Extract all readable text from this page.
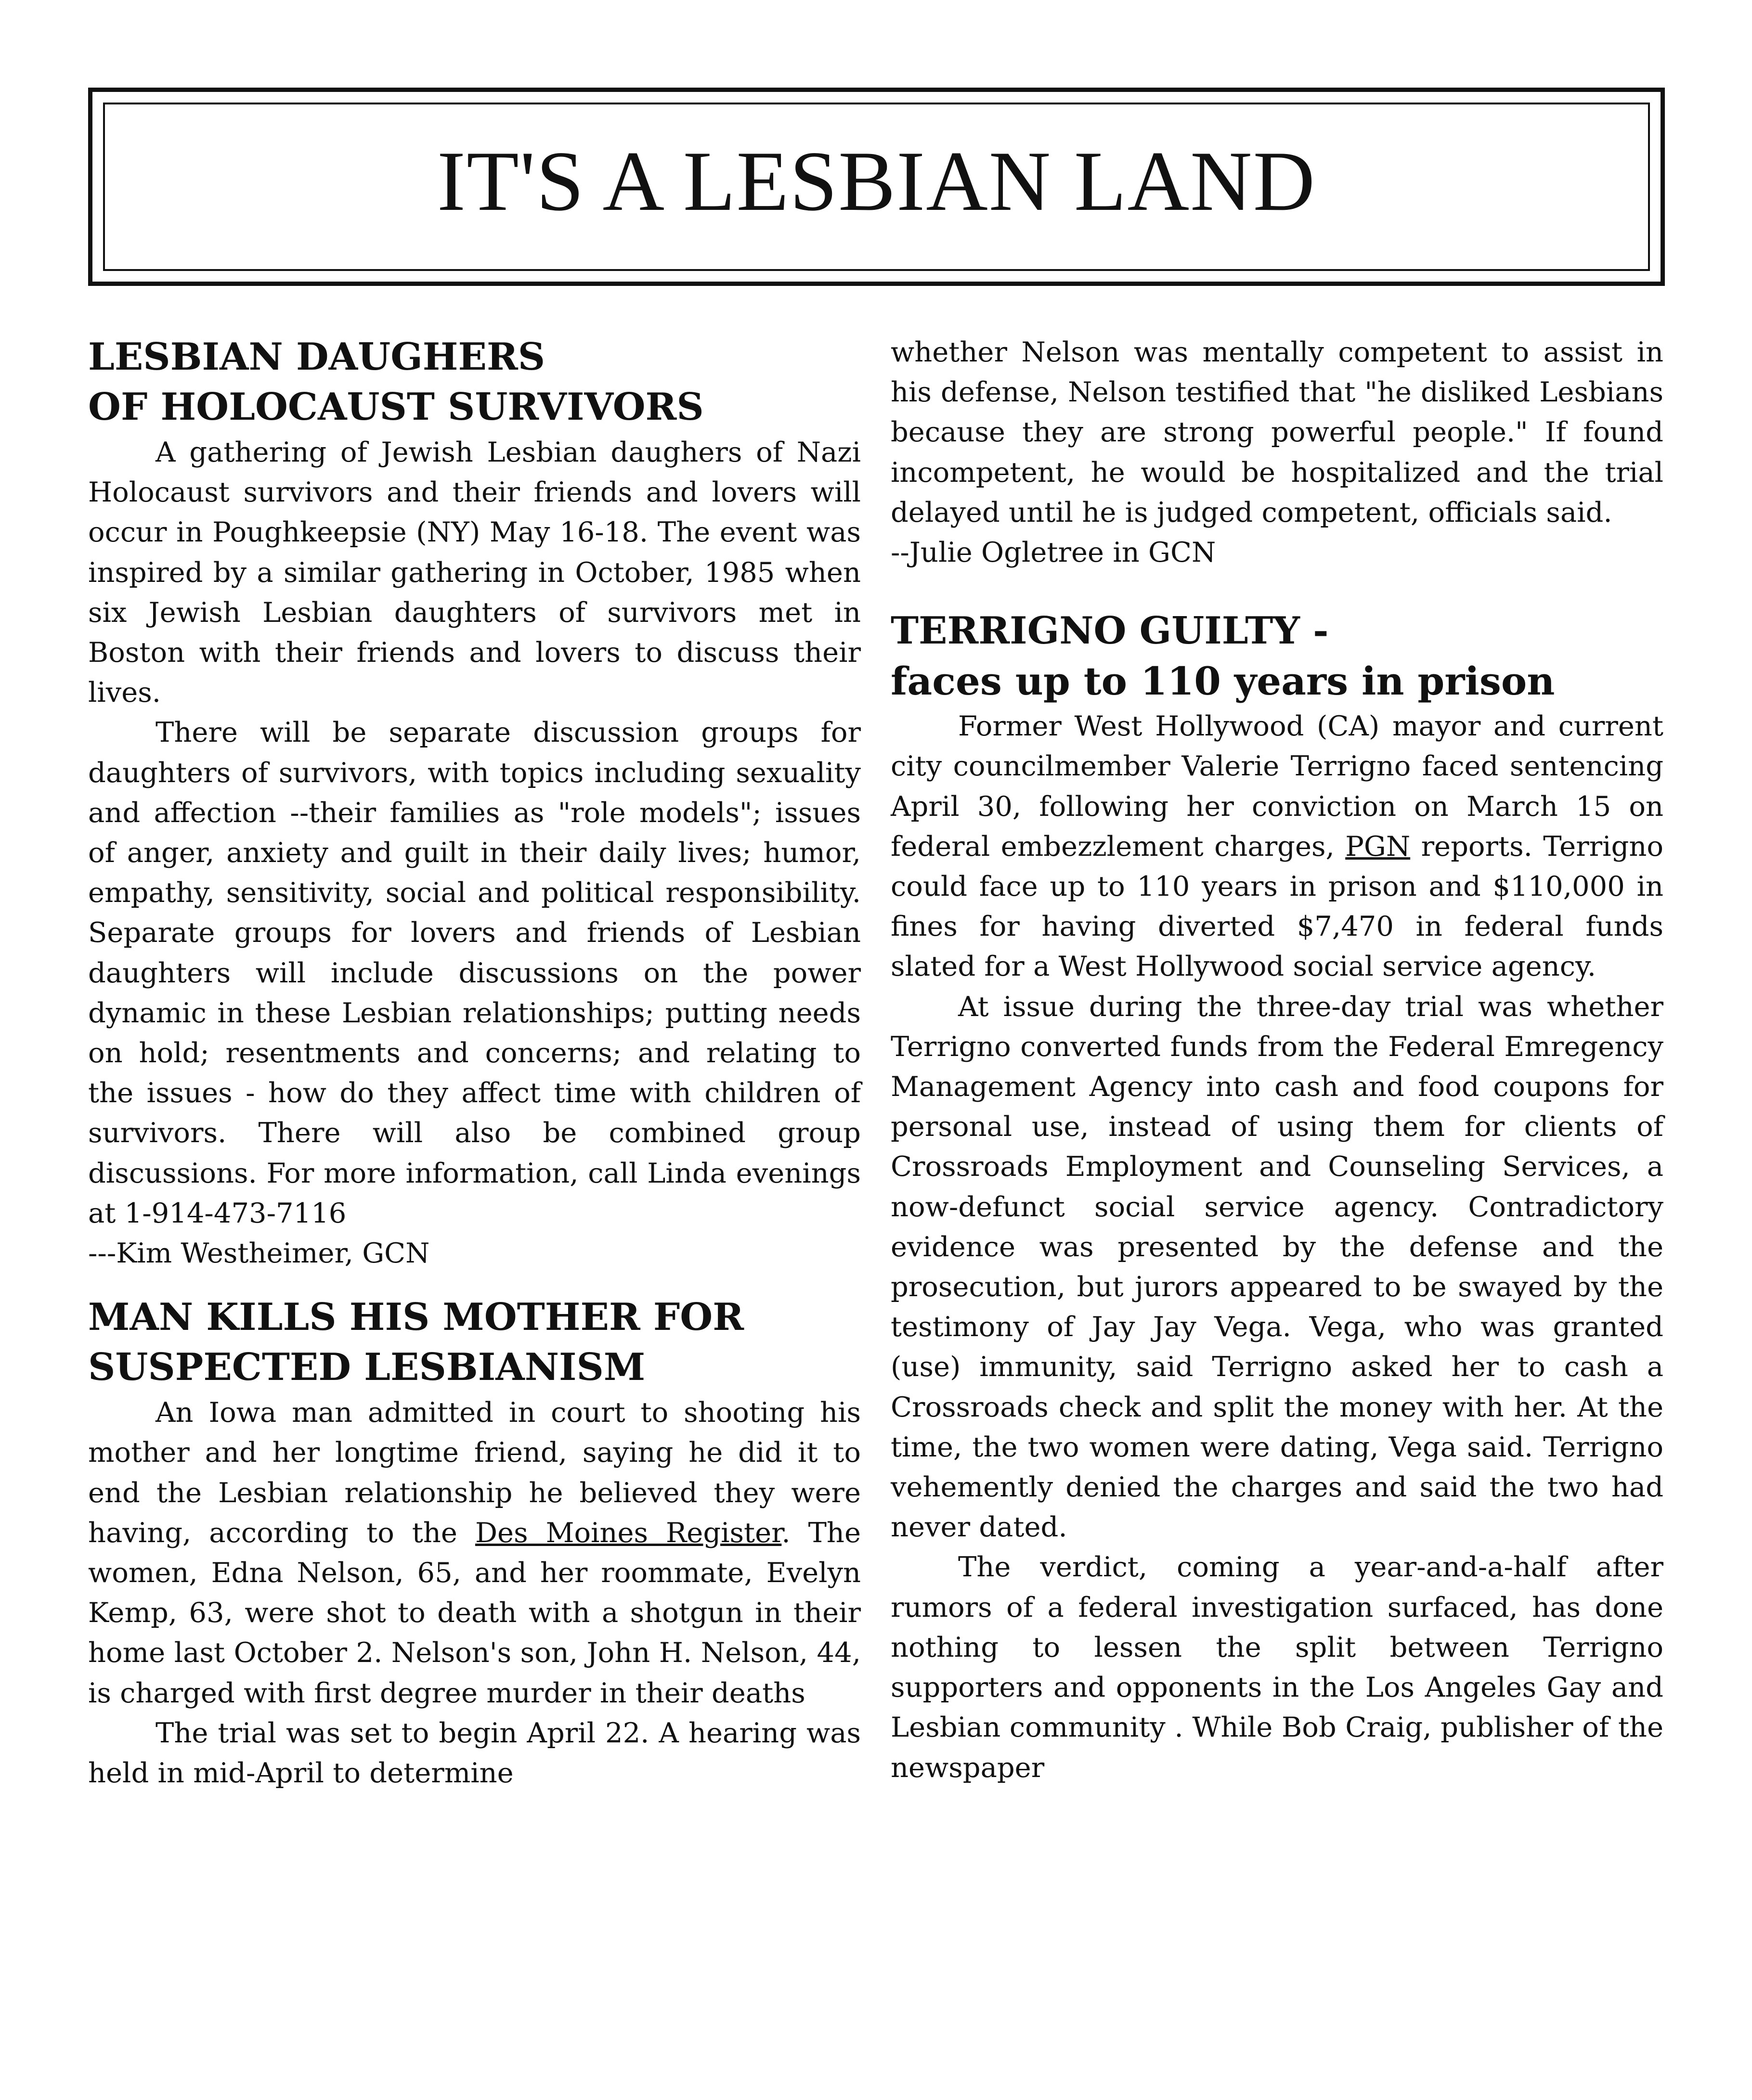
IT'S A LESBIAN LAND
LESBIAN DAUGHERS
OF HOLOCAUST SURVIVORS

A gathering of Jewish Lesbian daughers of Nazi Holocaust survivors and their friends and lovers will occur in Poughkeepsie (NY) May 16-18. The event was inspired by a similar gathering in October, 1985 when six Jewish Lesbian daughters of survivors met in Boston with their friends and lovers to discuss their lives.

There will be separate discussion groups for daughters of survivors, with topics including sexuality and affection --their families as "role models"; issues of anger, anxiety and guilt in their daily lives; humor, empathy, sensitivity, social and political responsibility. Separate groups for lovers and friends of Lesbian daughters will include discussions on the power dynamic in these Lesbian relationships; putting needs on hold; resentments and concerns; and relating to the issues - how do they affect time with children of survivors. There will also be combined group discussions. For more information, call Linda evenings at 1-914-473-7116

---Kim Westheimer, GCN
MAN KILLS HIS MOTHER FOR
SUSPECTED LESBIANISM

An Iowa man admitted in court to shooting his mother and her longtime friend, saying he did it to end the Lesbian relationship he believed they were having, according to the Des Moines Register. The women, Edna Nelson, 65, and her roommate, Evelyn Kemp, 63, were shot to death with a shotgun in their home last October 2. Nelson's son, John H. Nelson, 44, is charged with first degree murder in their deaths

The trial was set to begin April 22. A hearing was held in mid-April to determine

whether Nelson was mentally competent to assist in his defense, Nelson testified that "he disliked Lesbians because they are strong powerful people." If found incompetent, he would be hospitalized and the trial delayed until he is judged competent, officials said.

--Julie Ogletree in GCN
TERRIGNO GUILTY -
faces up to 110 years in prison

Former West Hollywood (CA) mayor and current city councilmember Valerie Terrigno faced sentencing April 30, following her conviction on March 15 on federal embezzlement charges, PGN reports. Terrigno could face up to 110 years in prison and $110,000 in fines for having diverted $7,470 in federal funds slated for a West Hollywood social service agency.

At issue during the three-day trial was whether Terrigno converted funds from the Federal Emregency Management Agency into cash and food coupons for personal use, instead of using them for clients of Crossroads Employment and Counseling Services, a now-defunct social service agency. Contradictory evidence was presented by the defense and the prosecution, but jurors appeared to be swayed by the testimony of Jay Jay Vega. Vega, who was granted (use) immunity, said Terrigno asked her to cash a Crossroads check and split the money with her. At the time, the two women were dating, Vega said. Terrigno vehemently denied the charges and said the two had never dated.

The verdict, coming a year-and-a-half after rumors of a federal investigation surfaced, has done nothing to lessen the split between Terrigno supporters and opponents in the Los Angeles Gay and Lesbian community . While Bob Craig, publisher of the newspaper
